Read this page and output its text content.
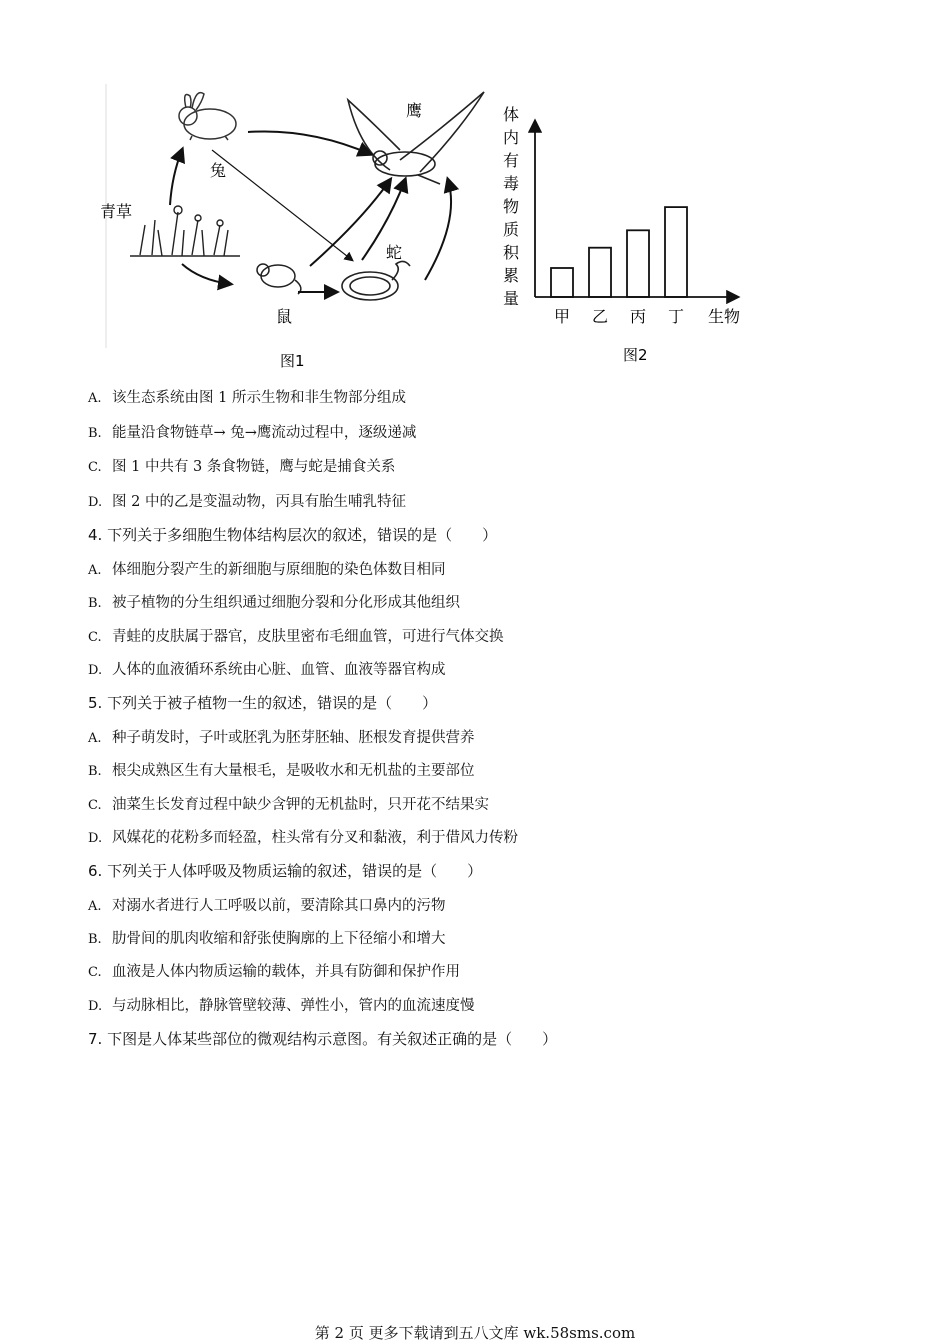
鹰
兔
青草
蛇
鼠
图1
体
内
有
毒
物
质
积
累
量
甲 乙 丙 丁 生物
图2
A. 该生态系统由图 1 所示生物和非生物部分组成
B. 能量沿食物链草→ 兔→鹰流动过程中，逐级递减
C. 图 1 中共有 3 条食物链，鹰与蛇是捕食关系
D. 图 2 中的乙是变温动物，丙具有胎生哺乳特征
4. 下列关于多细胞生物体结构层次的叙述，错误的是（　　）
A. 体细胞分裂产生的新细胞与原细胞的染色体数目相同
B. 被子植物的分生组织通过细胞分裂和分化形成其他组织
C. 青蛙的皮肤属于器官，皮肤里密布毛细血管，可进行气体交换
D. 人体的血液循环系统由心脏、血管、血液等器官构成
5. 下列关于被子植物一生的叙述，错误的是（　　）
A. 种子萌发时，子叶或胚乳为胚芽胚轴、胚根发育提供营养
B. 根尖成熟区生有大量根毛，是吸收水和无机盐的主要部位
C. 油菜生长发育过程中缺少含钾的无机盐时，只开花不结果实
D. 风媒花的花粉多而轻盈，柱头常有分叉和黏液，利于借风力传粉
6. 下列关于人体呼吸及物质运输的叙述，错误的是（　　）
A. 对溺水者进行人工呼吸以前，要清除其口鼻内的污物
B. 肋骨间的肌肉收缩和舒张使胸廓的上下径缩小和增大
C. 血液是人体内物质运输的载体，并具有防御和保护作用
D. 与动脉相比，静脉管壁较薄、弹性小，管内的血流速度慢
7. 下图是人体某些部位的微观结构示意图。有关叙述正确的是（　　）
第 2 页 更多下载请到五八文库 wk.58sms.com
